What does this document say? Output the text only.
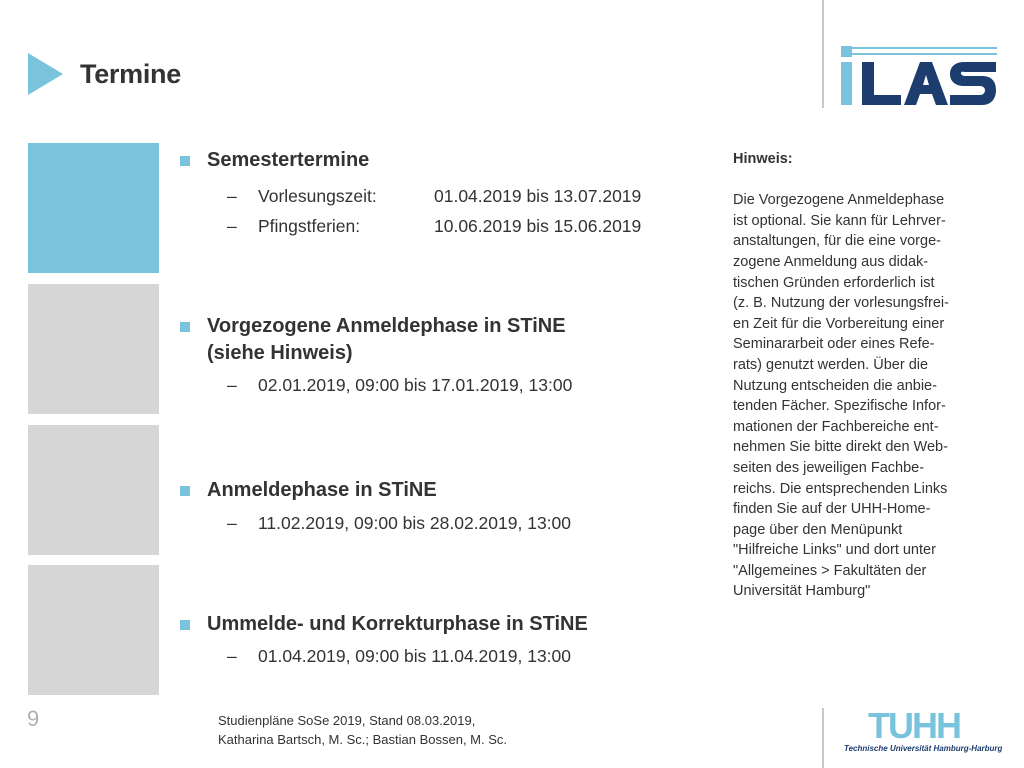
Termine
Semestertermine
– Vorlesungszeit:	01.04.2019 bis 13.07.2019
– Pfingstferien:	10.06.2019 bis 15.06.2019
Vorgezogene Anmeldephase in STiNE
(siehe Hinweis)
– 02.01.2019, 09:00 bis 17.01.2019, 13:00
Anmeldephase in STiNE
– 11.02.2019, 09:00 bis 28.02.2019, 13:00
Ummelde- und Korrekturphase in STiNE
– 01.04.2019, 09:00 bis 11.04.2019, 13:00
Hinweis:
Die Vorgezogene Anmeldephase
ist optional. Sie kann für Lehrver-
anstaltungen, für die eine vorge-
zogene Anmeldung aus didak-
tischen Gründen erforderlich ist
(z. B. Nutzung der vorlesungsfrei-
en Zeit für die Vorbereitung einer
Seminararbeit oder eines Refe-
rats) genutzt werden. Über die
Nutzung entscheiden die anbie-
tenden Fächer. Spezifische Infor-
mationen der Fachbereiche ent-
nehmen Sie bitte direkt den Web-
seiten des jeweiligen Fachbe-
reichs. Die entsprechenden Links
finden Sie auf der UHH-Home-
page über den Menüpunkt
"Hilfreiche Links" und dort unter
"Allgemeines > Fakultäten der
Universität Hamburg"
9	Studienpläne SoSe 2019, Stand 08.03.2019,
Katharina Bartsch, M. Sc.; Bastian Bossen, M. Sc.	TUHH
Technische Universität Hamburg-Harburg
